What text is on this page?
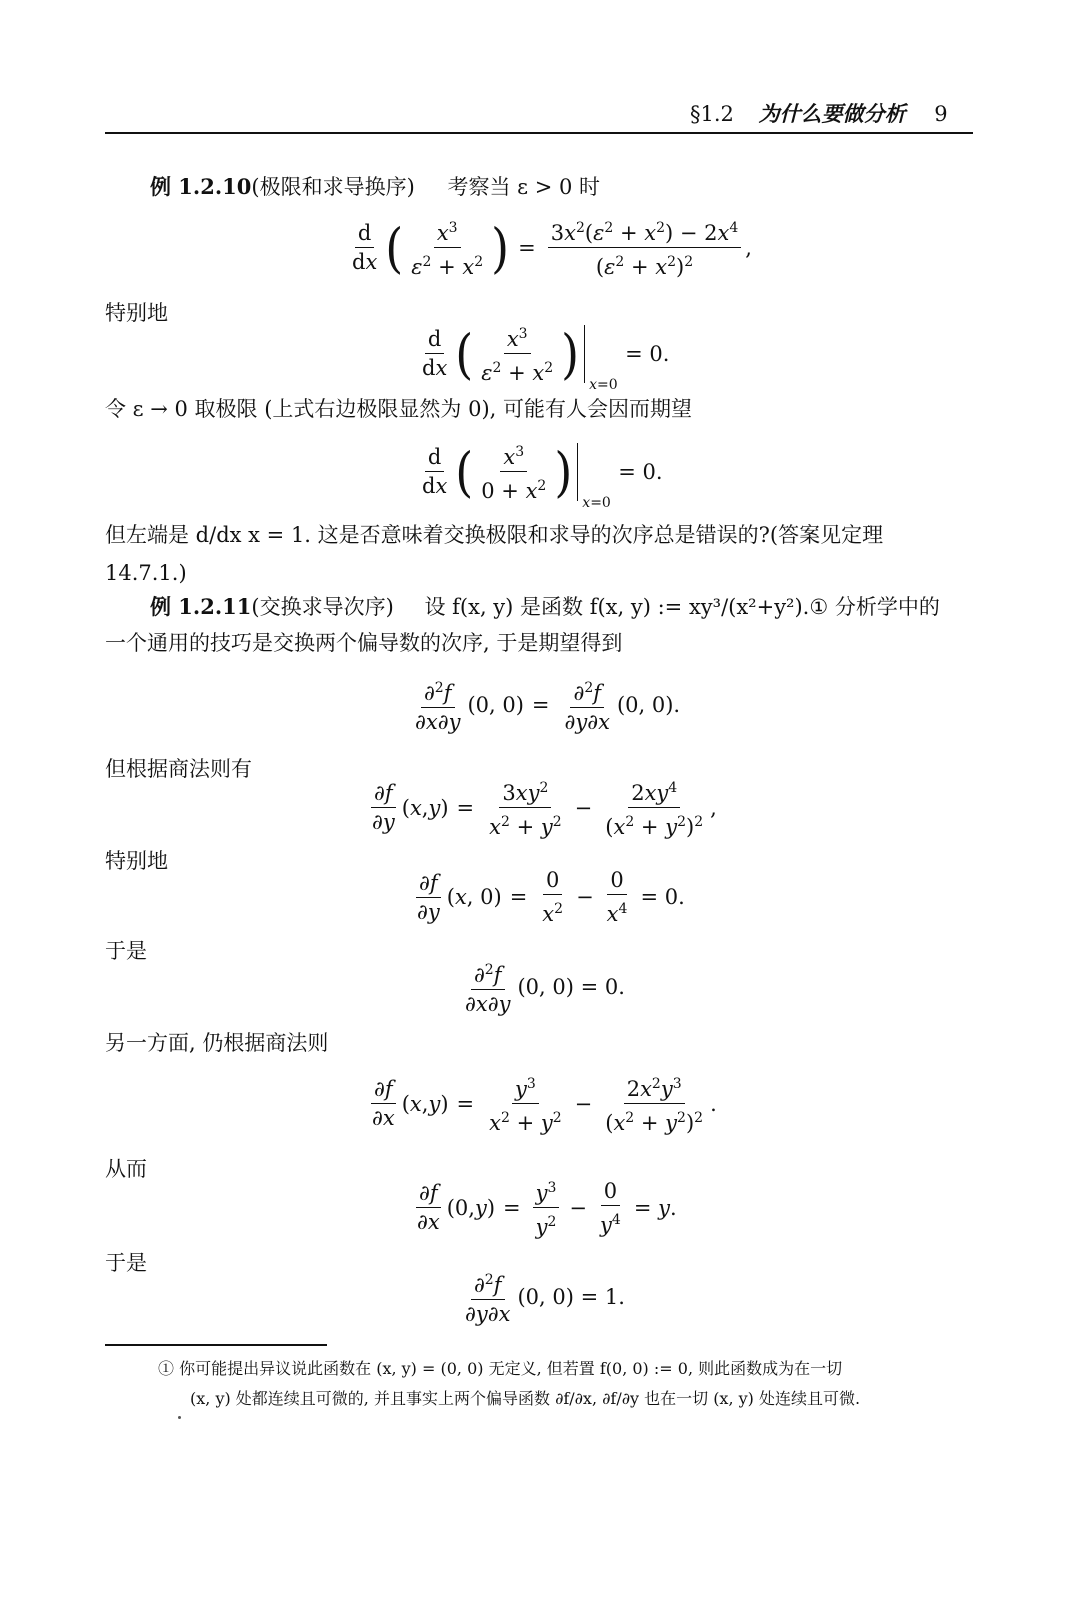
§1.2 为什么要做分析 9
例 1.2.10(极限和求导换序) 考察当 ε > 0 时
$\frac{d}{dx}$ ( $\frac{x^3}{\varepsilon^2 + x^2}$ ) = $\frac{3x^2(\varepsilon^2 + x^2) - 2x^4}{(\varepsilon^2 + x^2)^2}$ ,
特别地
$\frac{d}{dx}$ ( $\frac{x^3}{\varepsilon^2 + x^2}$ ) x=0
= 0.
令 ε → 0 取极限 (上式右边极限显然为 0), 可能有人会因而期望
$\frac{d}{dx}$ ( $\frac{x^3}{0 + x^2}$ ) x=0
= 0.
但左端是 d/dx x = 1. 这是否意味着交换极限和求导的次序总是错误的?(答案见定理
14.7.1.)
例 1.2.11(交换求导次序) 设 f(x, y) 是函数 f(x, y) := xy³/(x²+y²).① 分析学中的
一个通用的技巧是交换两个偏导数的次序, 于是期望得到
$\frac{\partial^2f}{\partial x\partial y} (0$, $0) = \frac{\partial^2f}{\partial y\partial x} (0$, 0).
但根据商法则有
$\frac{\partial f}{\partial y}$ ( x , y ) = $\frac{3xy^2}{x^2 + y^2} - \frac{2xy^4}{(x^2 + y^2)^2}$ ,
特别地
$\frac{\partial f}{\partial y}$ ( x , $0) = \frac{0}{x^2} - \frac{0}{x^4} = 0$.
于是
$\frac{\partial^2f}{\partial x\partial y} (0$, 0) = 0.
另一方面, 仍根据商法则
$\frac{\partial f}{\partial x}$ ( x , y ) = $\frac{y^3}{x^2 + y^2} - \frac{2x^2y^3}{(x^2 + y^2)^2}$ .
从而
$\frac{\partial f}{\partial x} (0$, y ) = $\frac{y^3}{y^2} - \frac{0}{y^4} = y$.
于是
$\frac{\partial^2f}{\partial y\partial x} (0$, 0) = 1.
① 你可能提出异议说此函数在 (x, y) = (0, 0) 无定义, 但若置 f(0, 0) := 0, 则此函数成为在一切
(x, y) 处都连续且可微的, 并且事实上两个偏导函数 ∂f/∂x, ∂f/∂y 也在一切 (x, y) 处连续且可微.
